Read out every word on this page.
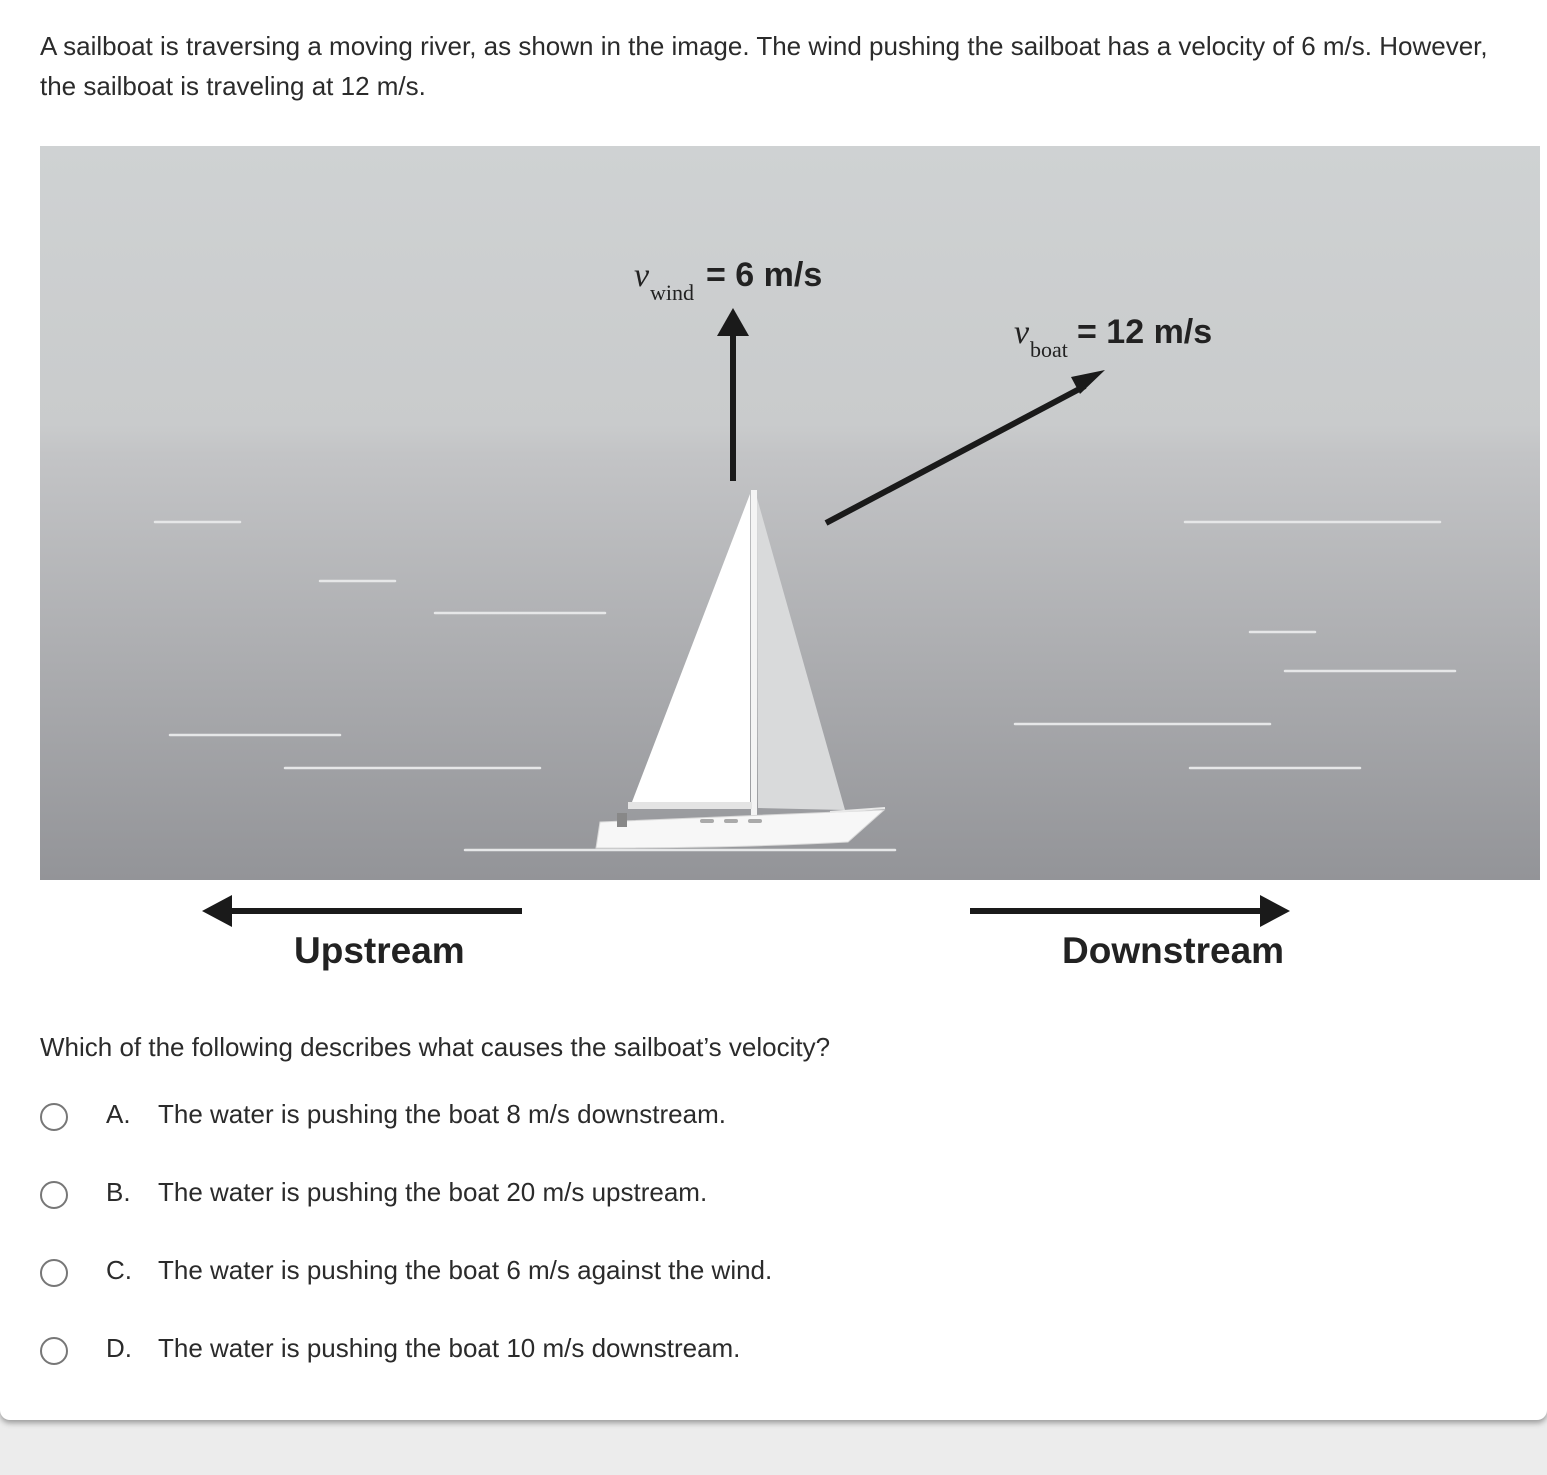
A sailboat is traversing a moving river, as shown in the image. The wind pushing the sailboat has a velocity of 6 m/s. However, the sailboat is traveling at 12 m/s.

v wind = 6 m/s
v boat = 12 m/s
Upstream	Downstream

Which of the following describes what causes the sailboat’s velocity?

A. The water is pushing the boat 8 m/s downstream.
B. The water is pushing the boat 20 m/s upstream.
C. The water is pushing the boat 6 m/s against the wind.
D. The water is pushing the boat 10 m/s downstream.
